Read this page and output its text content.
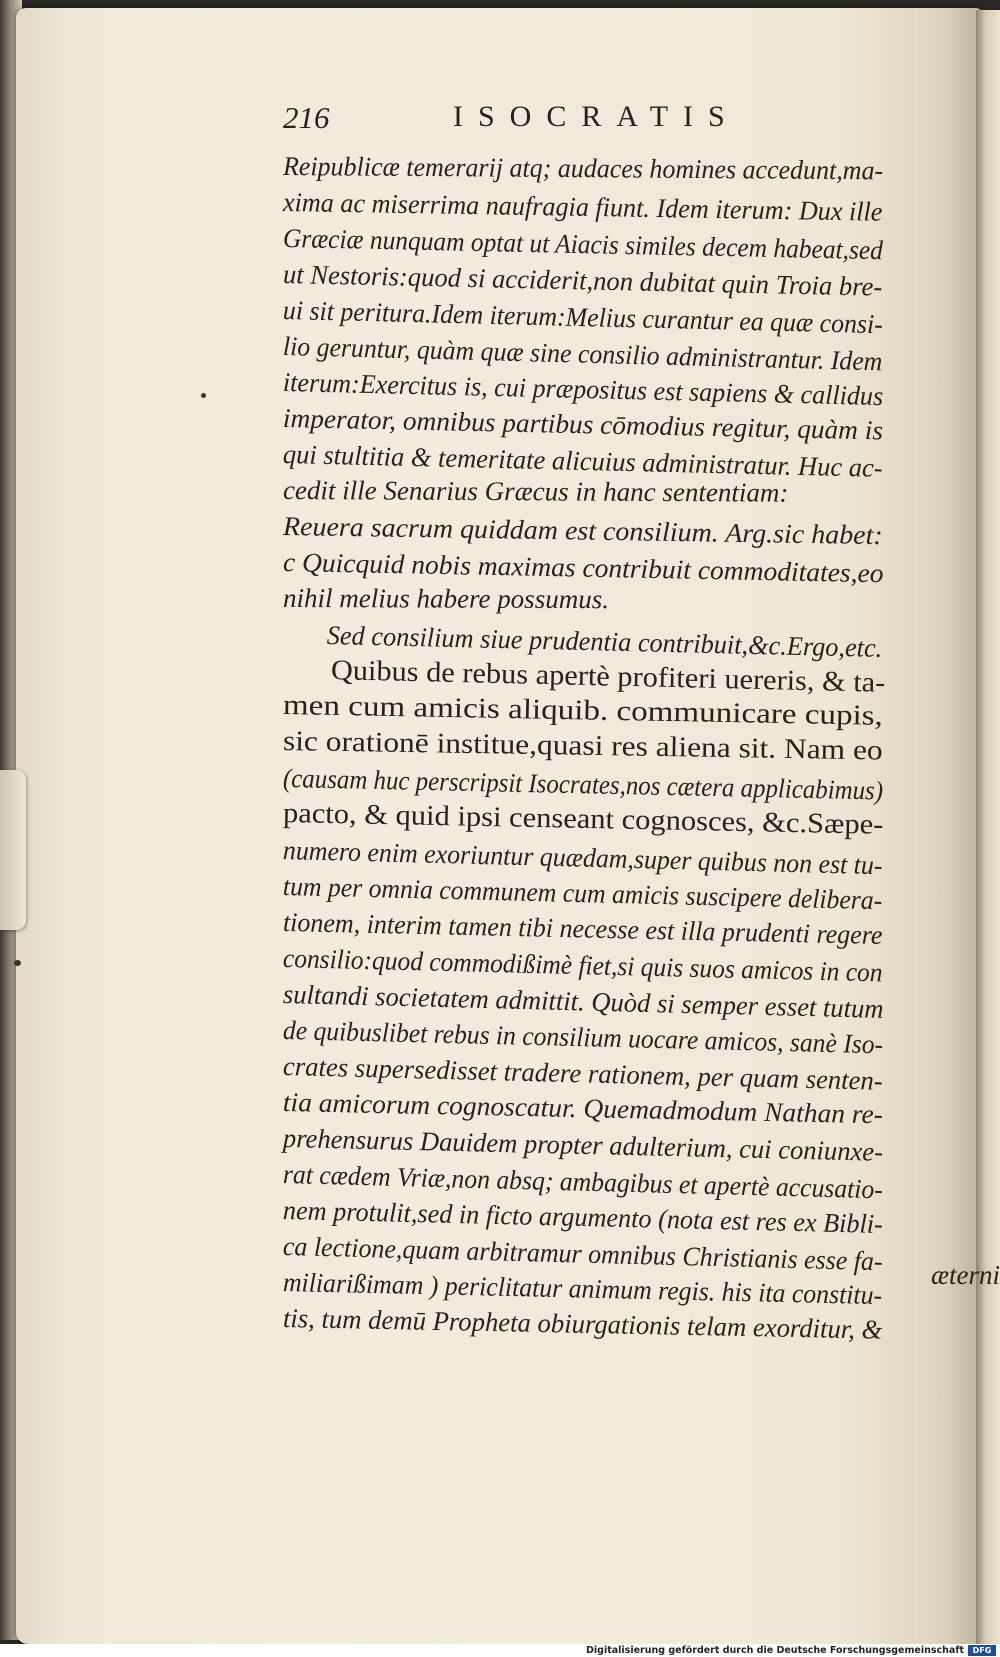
216	ISOCRATIS
Reipublicæ temerarij atq; audaces homines accedunt,ma-
xima ac miserrima naufragia fiunt. Idem iterum: Dux ille
Græciæ nunquam optat ut Aiacis similes decem habeat,sed
ut Nestoris:quod si acciderit,non dubitat quin Troia bre-
ui sit peritura.Idem iterum:Melius curantur ea quæ consi-
lio geruntur, quàm quæ sine consilio administrantur. Idem
iterum:Exercitus is, cui præpositus est sapiens & callidus
imperator, omnibus partibus cōmodius regitur, quàm is
qui stultitia & temeritate alicuius administratur. Huc ac-
cedit ille Senarius Græcus in hanc sententiam:
Reuera sacrum quiddam est consilium. Arg.sic habet:
c Quicquid nobis maximas contribuit commoditates,eo
nihil melius habere possumus.
Sed consilium siue prudentia contribuit,&c.Ergo,etc.
Quibus de rebus apertè profiteri uereris, & ta-
men cum amicis aliquib. communicare cupis,
sic orationē institue,quasi res aliena sit. Nam eo
(causam huc perscripsit Isocrates,nos cætera applicabimus)
pacto, & quid ipsi censeant cognosces, &c.Sæpe-
numero enim exoriuntur quædam,super quibus non est tu-
tum per omnia communem cum amicis suscipere delibera-
tionem, interim tamen tibi necesse est illa prudenti regere
consilio:quod commodißimè fiet,si quis suos amicos in con
sultandi societatem admittit. Quòd si semper esset tutum
de quibuslibet rebus in consilium uocare amicos, sanè Iso-
crates supersedisset tradere rationem, per quam senten-
tia amicorum cognoscatur. Quemadmodum Nathan re-
prehensurus Dauidem propter adulterium, cui coniunxe-
rat cædem Vriæ,non absq; ambagibus et apertè accusatio-
nem protulit,sed in ficto argumento (nota est res ex Bibli-
ca lectione,quam arbitramur omnibus Christianis esse fa-
miliarißimam ) periclitatur animum regis. his ita constitu-
tis, tum demū Propheta obiurgationis telam exorditur, &
æterni
Digitalisierung gefördert durch die Deutsche Forschungsgemeinschaft	DFG
